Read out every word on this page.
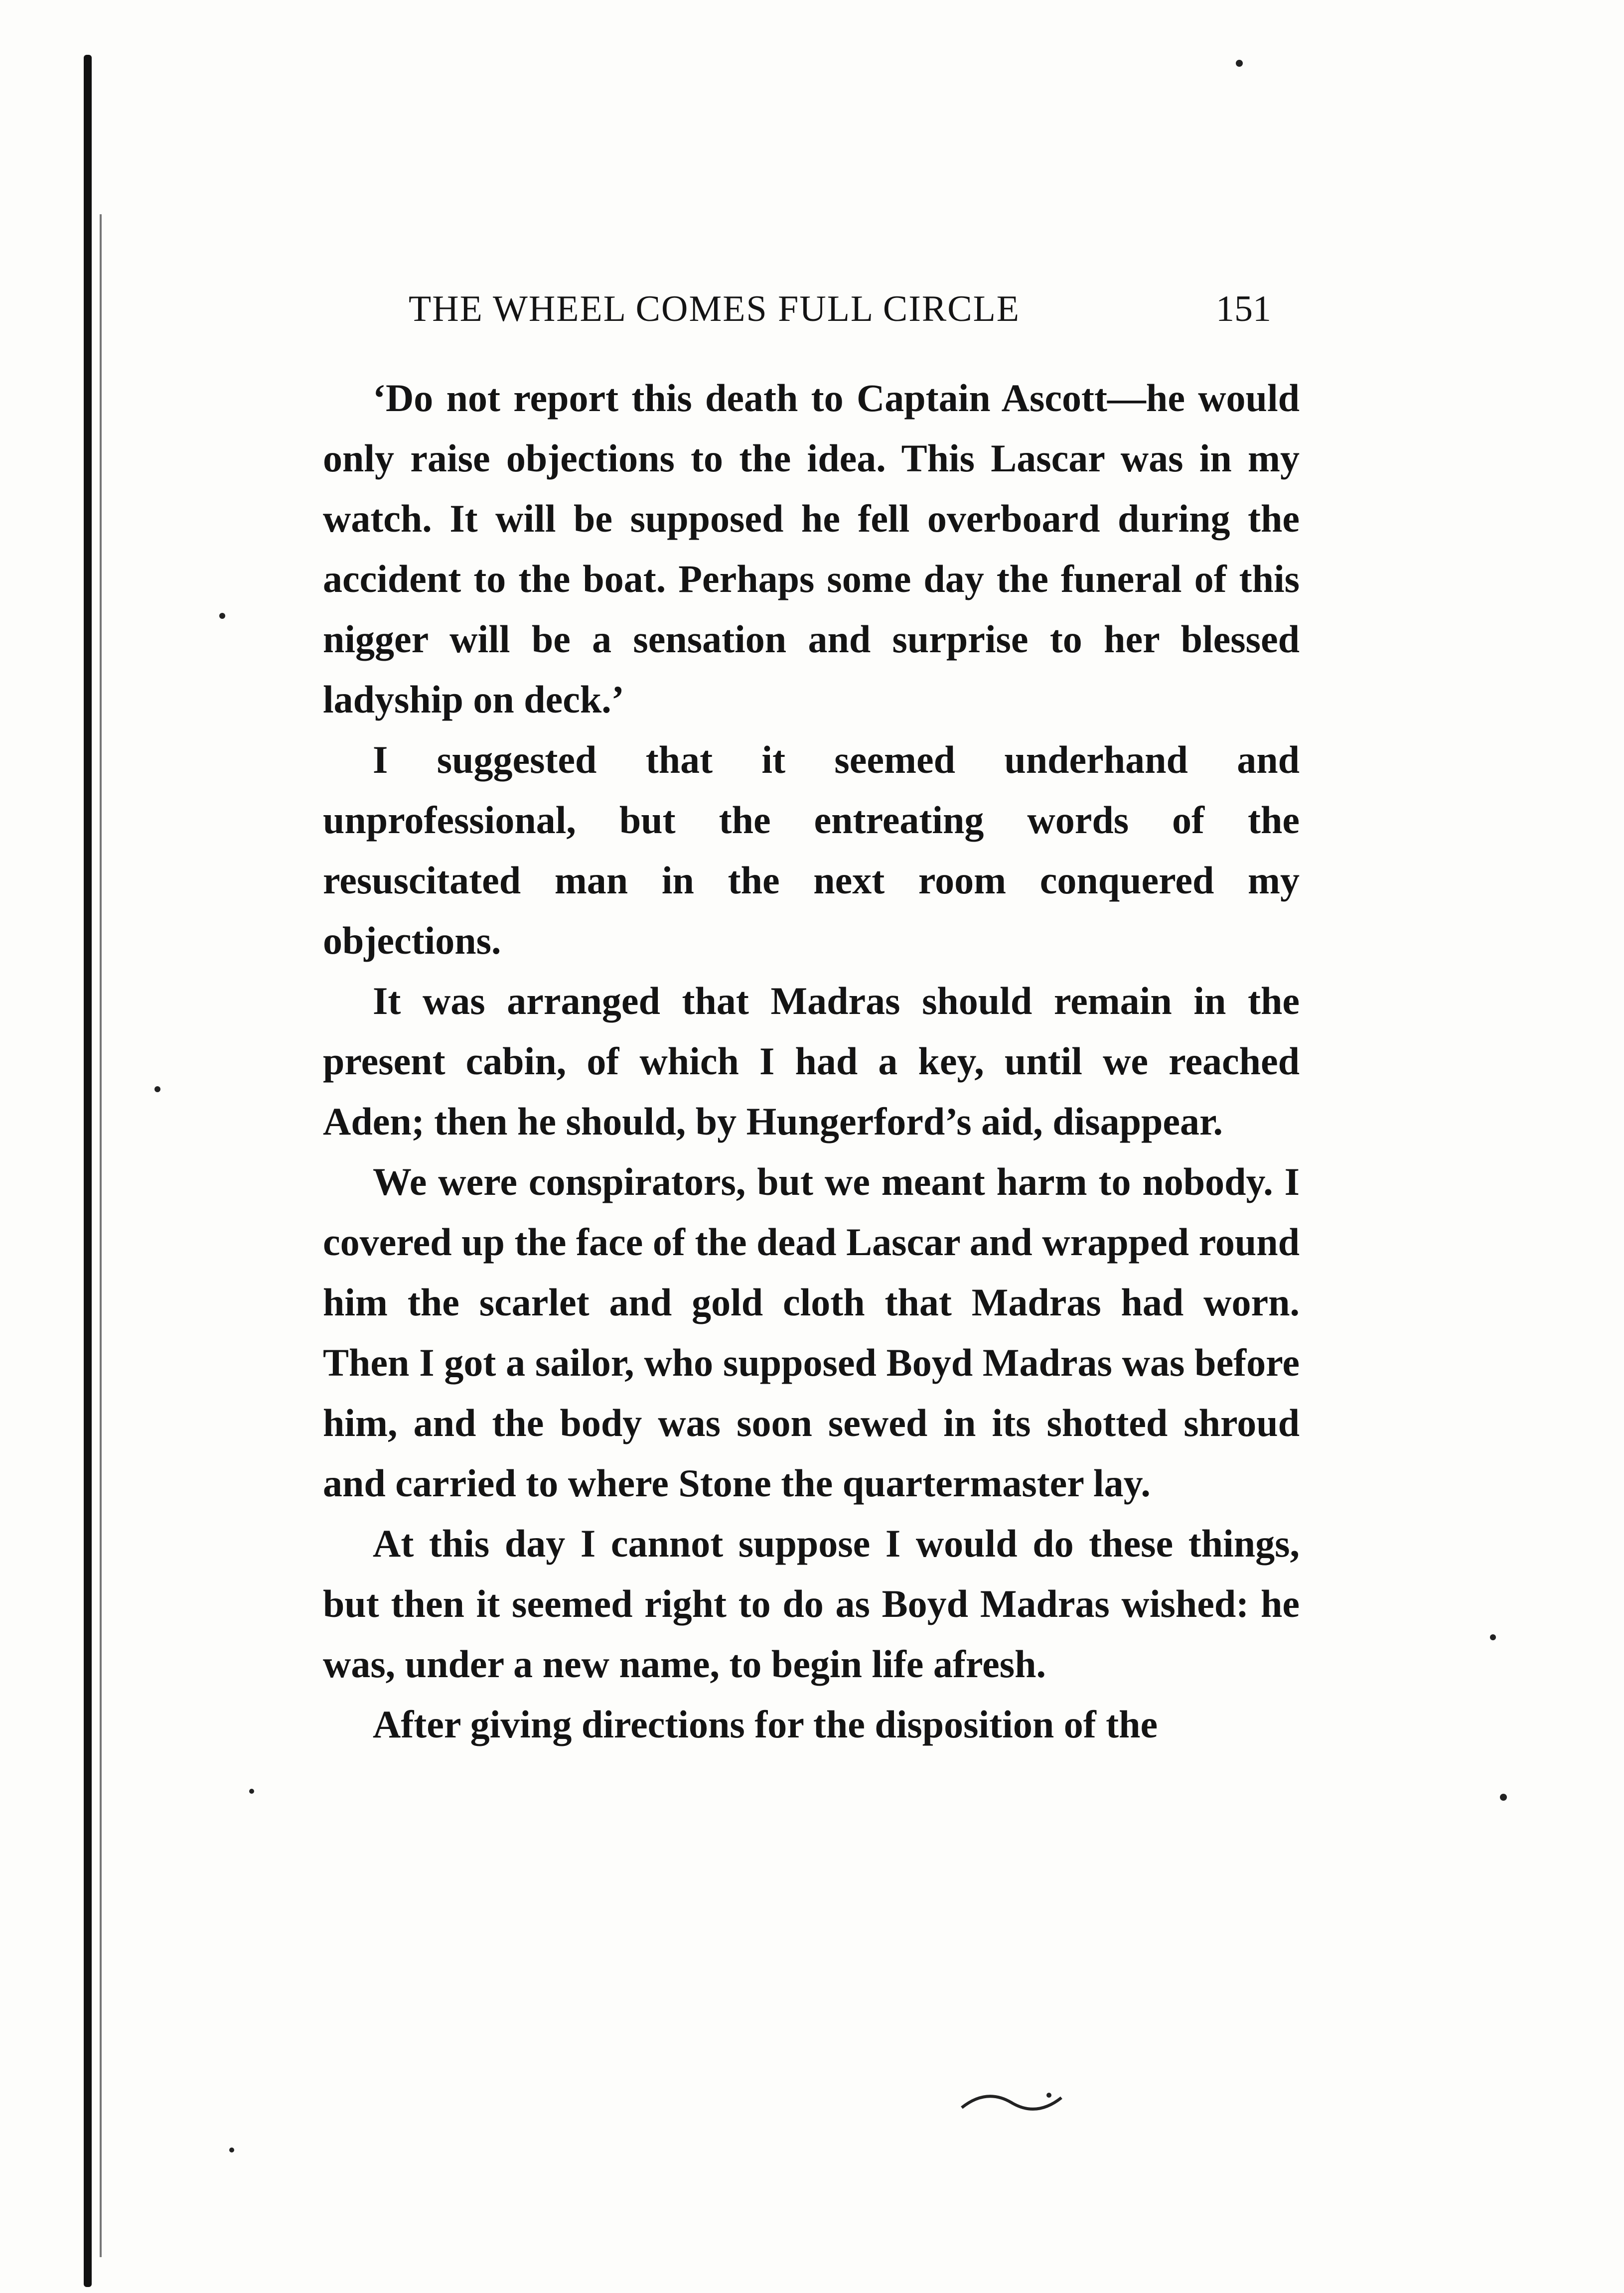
THE WHEEL COMES FULL CIRCLE	151

‘Do not report this death to Captain Ascott—he would only raise objections to the idea. This Lascar was in my watch. It will be supposed he fell overboard during the accident to the boat. Perhaps some day the funeral of this nigger will be a sensation and surprise to her blessed ladyship on deck.’

I suggested that it seemed underhand and unprofessional, but the entreating words of the resuscitated man in the next room conquered my objections.

It was arranged that Madras should remain in the present cabin, of which I had a key, until we reached Aden; then he should, by Hungerford’s aid, disappear.

We were conspirators, but we meant harm to nobody. I covered up the face of the dead Lascar and wrapped round him the scarlet and gold cloth that Madras had worn. Then I got a sailor, who supposed Boyd Madras was before him, and the body was soon sewed in its shotted shroud and carried to where Stone the quartermaster lay.

At this day I cannot suppose I would do these things, but then it seemed right to do as Boyd Madras wished: he was, under a new name, to begin life afresh.

After giving directions for the disposition of the
